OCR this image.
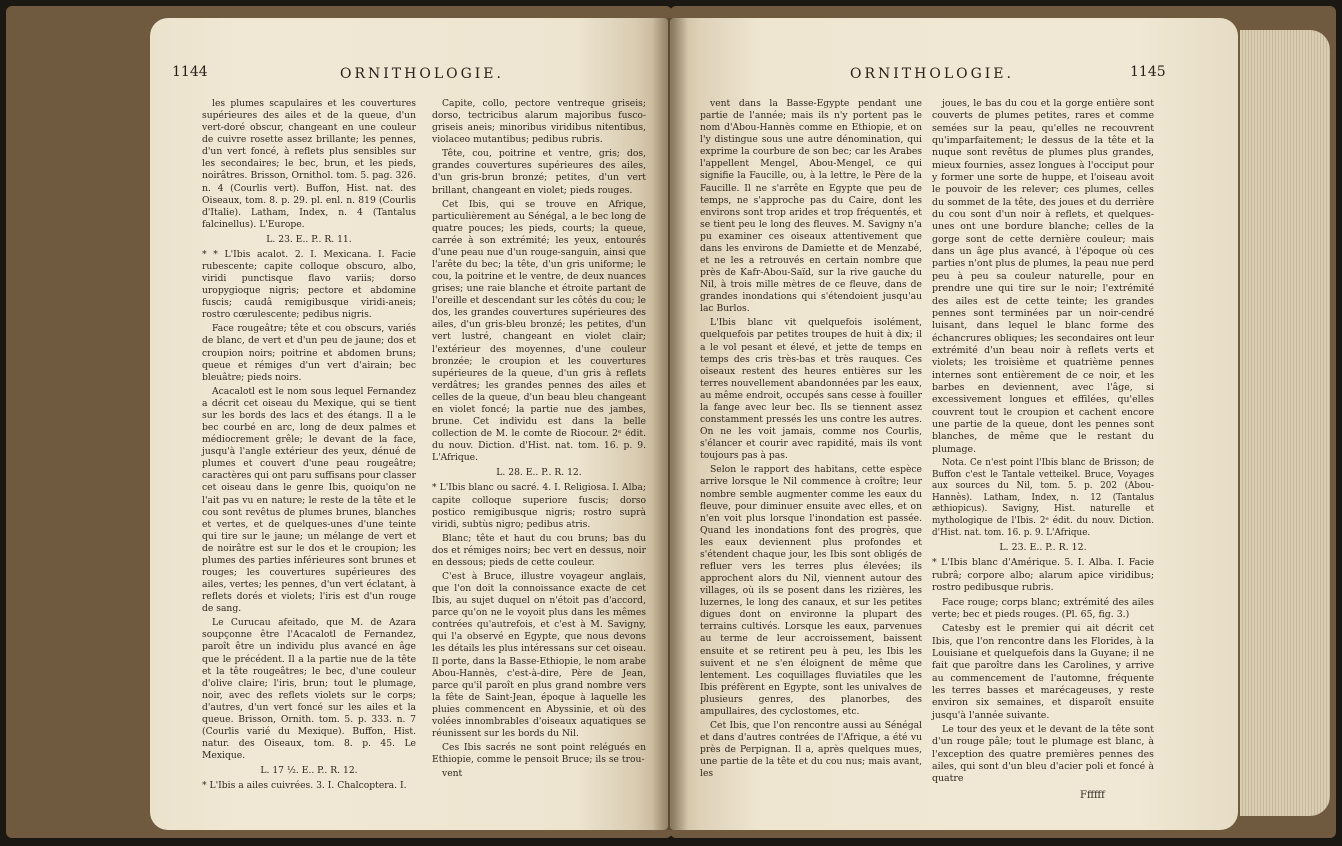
1144	ORNITHOLOGIE.

les plumes scapulaires et les couvertures supérieures des ailes et de la queue, d'un vert-doré obscur, changeant en une couleur de cuivre rosette assez brillante; les pennes, d'un vert foncé, à reflets plus sensibles sur les secondaires; le bec, brun, et les pieds, noirâtres. Brisson, Ornithol. tom. 5. pag. 326. n. 4 (Courlis vert). Buffon, Hist. nat. des Oiseaux, tom. 8. p. 29. pl. enl. n. 819 (Courlis d'Italie). Latham, Index, n. 4 (Tantalus falcinellus). L'Europe.

L. 23. E.. P.. R. 11.

* * L'Ibis acalot. 2. I. Mexicana. I. Facie rubescente; capite colloque obscuro, albo, viridi punctisque flavo variis; dorso uropygioque nigris; pectore et abdomine fuscis; caudâ remigibusque viridi-aneis; rostro cœrulescente; pedibus nigris.

Face rougeâtre; tête et cou obscurs, variés de blanc, de vert et d'un peu de jaune; dos et croupion noirs; poitrine et abdomen bruns; queue et rémiges d'un vert d'airain; bec bleuâtre; pieds noirs.

Acacalotl est le nom sous lequel Fernandez a décrit cet oiseau du Mexique, qui se tient sur les bords des lacs et des étangs. Il a le bec courbé en arc, long de deux palmes et médiocrement grêle; le devant de la face, jusqu'à l'angle extérieur des yeux, dénué de plumes et couvert d'une peau rougeâtre; caractères qui ont paru suffisans pour classer cet oiseau dans le genre Ibis, quoiqu'on ne l'ait pas vu en nature; le reste de la tête et le cou sont revêtus de plumes brunes, blanches et vertes, et de quelques-unes d'une teinte qui tire sur le jaune; un mélange de vert et de noirâtre est sur le dos et le croupion; les plumes des parties inférieures sont brunes et rouges; les couvertures supérieures des ailes, vertes; les pennes, d'un vert éclatant, à reflets dorés et violets; l'iris est d'un rouge de sang.

Le Curucau afeitado, que M. de Azara soupçonne être l'Acacalotl de Fernandez, paroît être un individu plus avancé en âge que le précédent. Il a la partie nue de la tête et la tête rougeâtres; le bec, d'une couleur d'olive claire; l'iris, brun; tout le plumage, noir, avec des reflets violets sur le corps; d'autres, d'un vert foncé sur les ailes et la queue. Brisson, Ornith. tom. 5. p. 333. n. 7 (Courlis varié du Mexique). Buffon, Hist. natur. des Oiseaux, tom. 8. p. 45. Le Mexique.

L. 17 ½. E.. P.. R. 12.

* L'Ibis a ailes cuivrées. 3. I. Chalcoptera. I.

Capite, collo, pectore ventreque griseis; dorso, tectricibus alarum majoribus fusco-griseis aneis; minoribus viridibus nitentibus, violaceo mutantibus; pedibus rubris.

Tête, cou, poitrine et ventre, gris; dos, grandes couvertures supérieures des ailes, d'un gris-brun bronzé; petites, d'un vert brillant, changeant en violet; pieds rouges.

Cet Ibis, qui se trouve en Afrique, particulièrement au Sénégal, a le bec long de quatre pouces; les pieds, courts; la queue, carrée à son extrémité; les yeux, entourés d'une peau nue d'un rouge-sanguin, ainsi que l'arête du bec; la tête, d'un gris uniforme; le cou, la poitrine et le ventre, de deux nuances grises; une raie blanche et étroite partant de l'oreille et descendant sur les côtés du cou; le dos, les grandes couvertures supérieures des ailes, d'un gris-bleu bronzé; les petites, d'un vert lustré, changeant en violet clair; l'extérieur des moyennes, d'une couleur bronzée; le croupion et les couvertures supérieures de la queue, d'un gris à reflets verdâtres; les grandes pennes des ailes et celles de la queue, d'un beau bleu changeant en violet foncé; la partie nue des jambes, brune. Cet individu est dans la belle collection de M. le comte de Riocour. 2ᵉ édit. du nouv. Diction. d'Hist. nat. tom. 16. p. 9. L'Afrique.

L. 28. E.. P.. R. 12.

* L'Ibis blanc ou sacré. 4. I. Religiosa. I. Alba; capite colloque superiore fuscis; dorso postico remigibusque nigris; rostro suprà viridi, subtùs nigro; pedibus atris.

Blanc; tête et haut du cou bruns; bas du dos et rémiges noirs; bec vert en dessus, noir en dessous; pieds de cette couleur.

C'est à Bruce, illustre voyageur anglais, que l'on doit la connoissance exacte de cet Ibis, au sujet duquel on n'étoit pas d'accord, parce qu'on ne le voyoit plus dans les mêmes contrées qu'autrefois, et c'est à M. Savigny, qui l'a observé en Egypte, que nous devons les détails les plus intéressans sur cet oiseau. Il porte, dans la Basse-Ethiopie, le nom arabe Abou-Hannès, c'est-à-dire, Père de Jean, parce qu'il paroît en plus grand nombre vers la fête de Saint-Jean, époque à laquelle les pluies commencent en Abyssinie, et où des volées innombrables d'oiseaux aquatiques se réunissent sur les bords du Nil.

Ces Ibis sacrés ne sont point relégués en Ethiopie, comme le pensoit Bruce; ils se trou-

vent

ORNITHOLOGIE.	1145

vent dans la Basse-Egypte pendant une partie de l'année; mais ils n'y portent pas le nom d'Abou-Hannès comme en Ethiopie, et on l'y distingue sous une autre dénomination, qui exprime la courbure de son bec; car les Arabes l'appellent Mengel, Abou-Mengel, ce qui signifie la Faucille, ou, à la lettre, le Père de la Faucille. Il ne s'arrête en Egypte que peu de temps, ne s'approche pas du Caire, dont les environs sont trop arides et trop fréquentés, et se tient peu le long des fleuves. M. Savigny n'a pu examiner ces oiseaux attentivement que dans les environs de Damiette et de Menzabé, et ne les a retrouvés en certain nombre que près de Kafr-Abou-Saïd, sur la rive gauche du Nil, à trois mille mètres de ce fleuve, dans de grandes inondations qui s'étendoient jusqu'au lac Burlos.

L'Ibis blanc vit quelquefois isolément, quelquefois par petites troupes de huit à dix; il a le vol pesant et élevé, et jette de temps en temps des cris très-bas et très rauques. Ces oiseaux restent des heures entières sur les terres nouvellement abandonnées par les eaux, au même endroit, occupés sans cesse à fouiller la fange avec leur bec. Ils se tiennent assez constamment pressés les uns contre les autres. On ne les voit jamais, comme nos Courlis, s'élancer et courir avec rapidité, mais ils vont toujours pas à pas.

Selon le rapport des habitans, cette espèce arrive lorsque le Nil commence à croître; leur nombre semble augmenter comme les eaux du fleuve, pour diminuer ensuite avec elles, et on n'en voit plus lorsque l'inondation est passée. Quand les inondations font des progrès, que les eaux deviennent plus profondes et s'étendent chaque jour, les Ibis sont obligés de refluer vers les terres plus élevées; ils approchent alors du Nil, viennent autour des villages, où ils se posent dans les rizières, les luzernes, le long des canaux, et sur les petites digues dont on environne la plupart des terrains cultivés. Lorsque les eaux, parvenues au terme de leur accroissement, baissent ensuite et se retirent peu à peu, les Ibis les suivent et ne s'en éloignent de même que lentement. Les coquillages fluviatiles que les Ibis préfèrent en Egypte, sont les univalves de plusieurs genres, des planorbes, des ampullaires, des cyclostomes, etc.

Cet Ibis, que l'on rencontre aussi au Sénégal et dans d'autres contrées de l'Afrique, a été vu près de Perpignan. Il a, après quelques mues, une partie de la tête et du cou nus; mais avant, les

joues, le bas du cou et la gorge entière sont couverts de plumes petites, rares et comme semées sur la peau, qu'elles ne recouvrent qu'imparfaitement; le dessus de la tête et la nuque sont revêtus de plumes plus grandes, mieux fournies, assez longues à l'occiput pour y former une sorte de huppe, et l'oiseau avoit le pouvoir de les relever; ces plumes, celles du sommet de la tête, des joues et du derrière du cou sont d'un noir à reflets, et quelques-unes ont une bordure blanche; celles de la gorge sont de cette dernière couleur; mais dans un âge plus avancé, à l'époque où ces parties n'ont plus de plumes, la peau nue perd peu à peu sa couleur naturelle, pour en prendre une qui tire sur le noir; l'extrémité des ailes est de cette teinte; les grandes pennes sont terminées par un noir-cendré luisant, dans lequel le blanc forme des échancrures obliques; les secondaires ont leur extrémité d'un beau noir à reflets verts et violets; les troisième et quatrième pennes internes sont entièrement de ce noir, et les barbes en deviennent, avec l'âge, si excessivement longues et effilées, qu'elles couvrent tout le croupion et cachent encore une partie de la queue, dont les pennes sont blanches, de même que le restant du plumage.

Nota. Ce n'est point l'Ibis blanc de Brisson; de Buffon c'est le Tantale vetteikel. Bruce, Voyages aux sources du Nil, tom. 5. p. 202 (Abou-Hannès). Latham, Index, n. 12 (Tantalus æthiopicus). Savigny, Hist. naturelle et mythologique de l'Ibis. 2ᵉ édit. du nouv. Diction. d'Hist. nat. tom. 16. p. 9. L'Afrique.

L. 23. E.. P.. R. 12.

* L'Ibis blanc d'Amérique. 5. I. Alba. I. Facie rubrâ; corpore albo; alarum apice viridibus; rostro pedibusque rubris.

Face rouge; corps blanc; extrémité des ailes verte; bec et pieds rouges. (Pl. 65, fig. 3.)

Catesby est le premier qui ait décrit cet Ibis, que l'on rencontre dans les Florides, à la Louisiane et quelquefois dans la Guyane; il ne fait que paroître dans les Carolines, y arrive au commencement de l'automne, fréquente les terres basses et marécageuses, y reste environ six semaines, et disparoît ensuite jusqu'à l'année suivante.

Le tour des yeux et le devant de la tête sont d'un rouge pâle; tout le plumage est blanc, à l'exception des quatre premières pennes des ailes, qui sont d'un bleu d'acier poli et foncé à quatre

Ffffff
